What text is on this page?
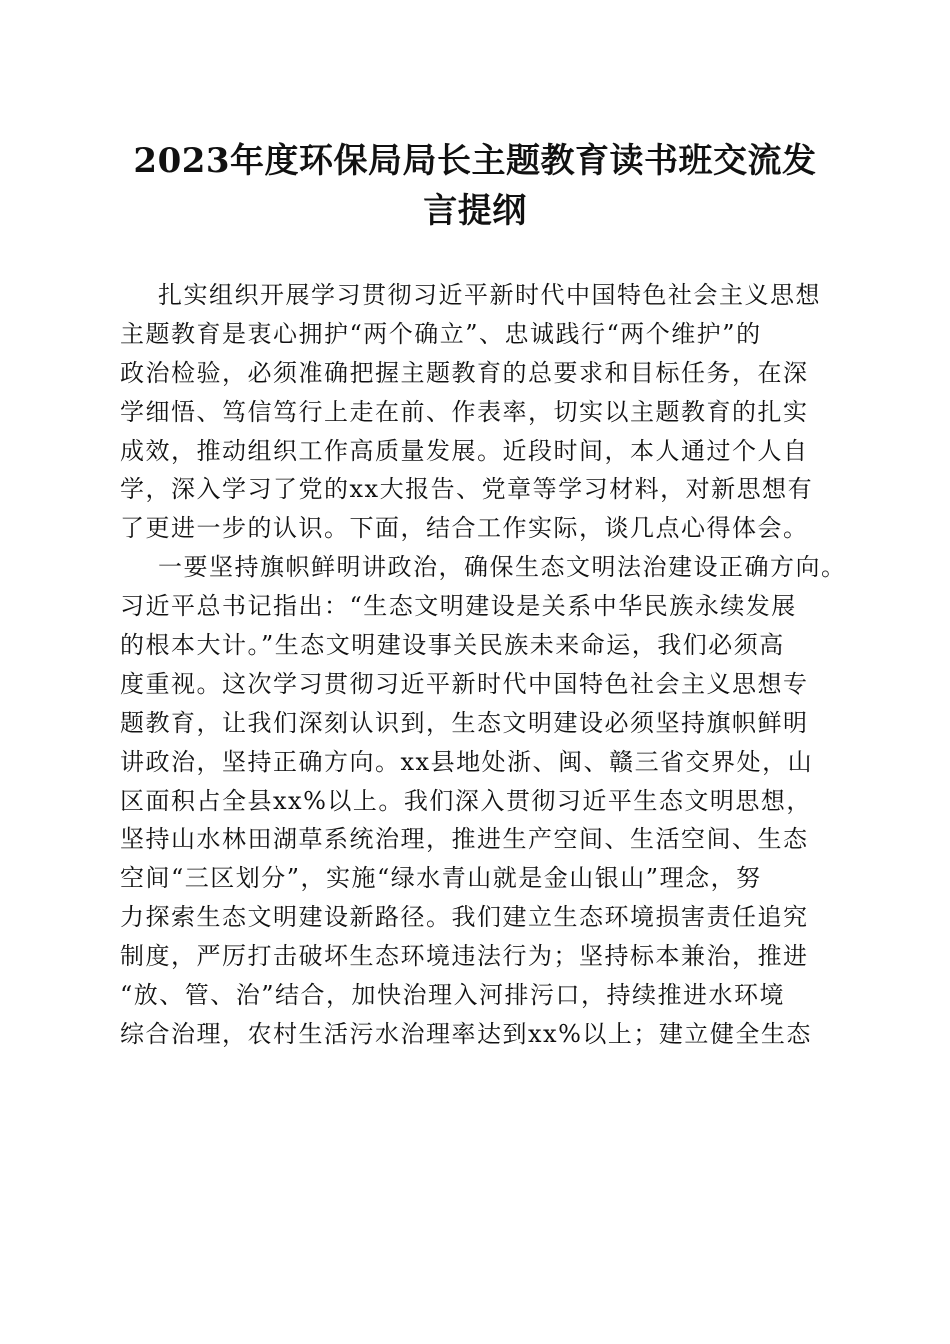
2023年度环保局局长主题教育读书班交流发
言提纲
扎实组织开展学习贯彻习近平新时代中国特色社会主义思想
主题教育是衷心拥护“两个确立”、忠诚践行“两个维护”的
政治检验，必须准确把握主题教育的总要求和目标任务，在深
学细悟、笃信笃行上走在前、作表率，切实以主题教育的扎实
成效，推动组织工作高质量发展。近段时间，本人通过个人自
学，深入学习了党的xx大报告、党章等学习材料，对新思想有
了更进一步的认识。下面，结合工作实际，谈几点心得体会。
一要坚持旗帜鲜明讲政治，确保生态文明法治建设正确方向。
习近平总书记指出：“生态文明建设是关系中华民族永续发展
的根本大计。”生态文明建设事关民族未来命运，我们必须高
度重视。这次学习贯彻习近平新时代中国特色社会主义思想专
题教育，让我们深刻认识到，生态文明建设必须坚持旗帜鲜明
讲政治，坚持正确方向。xx县地处浙、闽、赣三省交界处，山
区面积占全县xx%以上。我们深入贯彻习近平生态文明思想，
坚持山水林田湖草系统治理，推进生产空间、生活空间、生态
空间“三区划分”，实施“绿水青山就是金山银山”理念，努
力探索生态文明建设新路径。我们建立生态环境损害责任追究
制度，严厉打击破坏生态环境违法行为；坚持标本兼治，推进
“放、管、治”结合，加快治理入河排污口，持续推进水环境
综合治理，农村生活污水治理率达到xx%以上；建立健全生态
